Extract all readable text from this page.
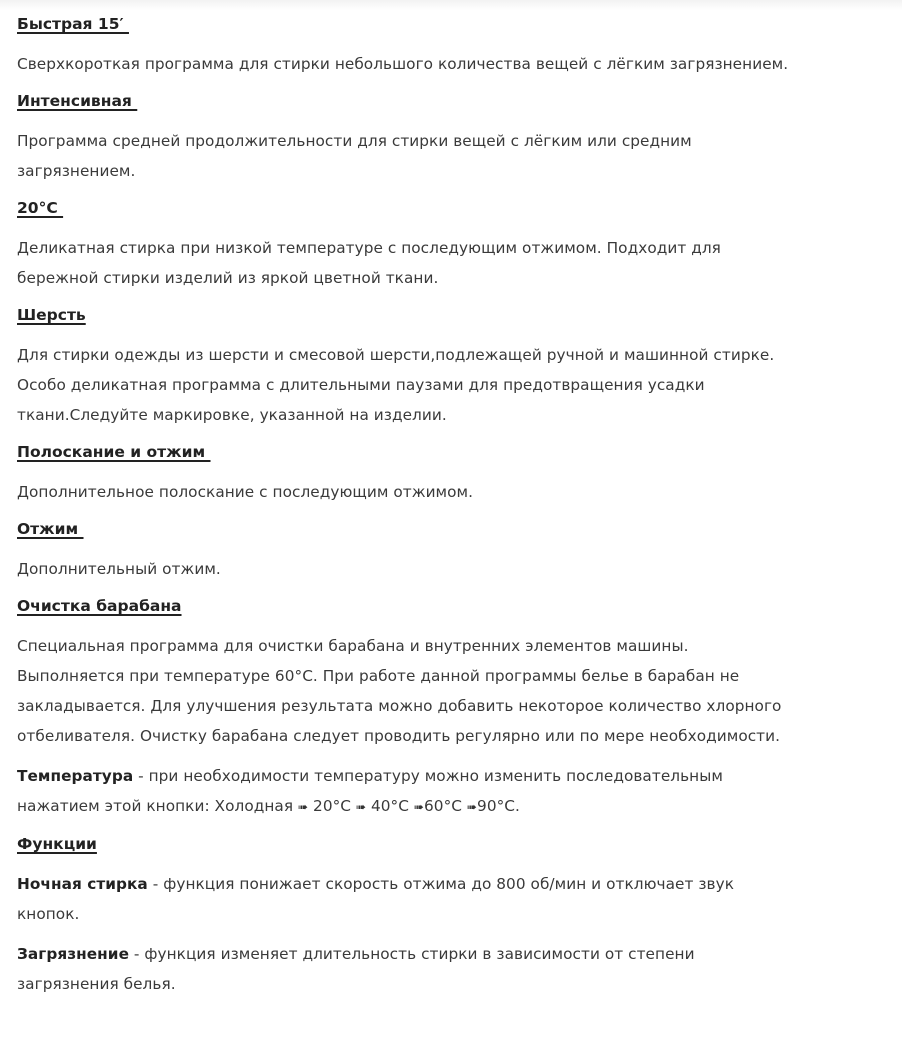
Быстрая 15′

Сверхкороткая программа для стирки небольшого количества вещей с лёгким загрязнением.

Интенсивная

Программа средней продолжительности для стирки вещей с лёгким или средним

загрязнением.

20°С

Деликатная стирка при низкой температуре с последующим отжимом. Подходит для

бережной стирки изделий из яркой цветной ткани.

Шерсть

Для стирки одежды из шерсти и смесовой шерсти,подлежащей ручной и машинной стирке.

Особо деликатная программа с длительными паузами для предотвращения усадки

ткани.Следуйте маркировке, указанной на изделии.

Полоскание и отжим

Дополнительное полоскание с последующим отжимом.

Отжим

Дополнительный отжим.

Очистка барабана

Специальная программа для очистки барабана и внутренних элементов машины.

Выполняется при температуре 60°С. При работе данной программы белье в барабан не

закладывается. Для улучшения результата можно добавить некоторое количество хлорного

отбеливателя. Очистку барабана следует проводить регулярно или по мере необходимости.

Температура - при необходимости температуру можно изменить последовательным

нажатием этой кнопки: Холодная ➠ 20°С ➠ 40°С ➠60°С ➠90°С.

Функции

Ночная стирка - функция понижает скорость отжима до 800 об/мин и отключает звук

кнопок.

Загрязнение - функция изменяет длительность стирки в зависимости от степени

загрязнения белья.
